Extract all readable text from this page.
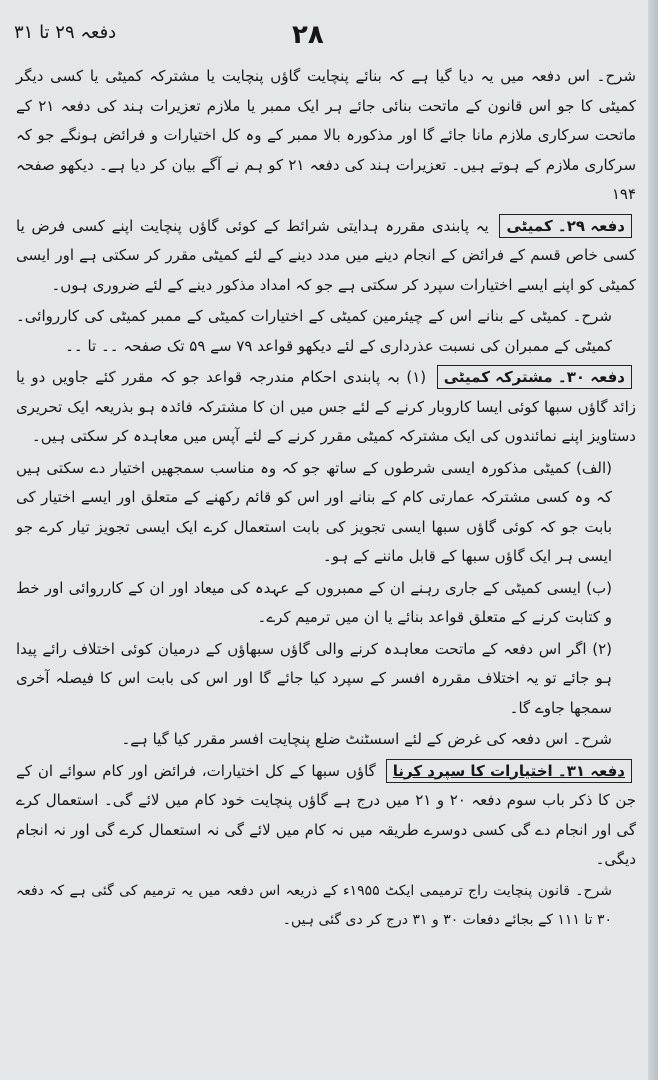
دفعہ ۲۹ تا ۳۱	۲۸

شرح۔ اس دفعہ میں یہ دیا گیا ہے کہ بنائے پنچایت گاؤں پنچایت یا مشترکہ کمیٹی یا کسی دیگر کمیٹی کا جو اس قانون کے ماتحت بنائی جائے ہر ایک ممبر یا ملازم تعزیرات ہند کی دفعہ ۲۱ کے ماتحت سرکاری ملازم مانا جائے گا اور مذکورہ بالا ممبر کے وہ کل اختیارات و فرائض ہونگے جو کہ سرکاری ملازم کے ہوتے ہیں۔ تعزیرات ہند کی دفعہ ۲۱ کو ہم نے آگے بیان کر دیا ہے۔ دیکھو صفحہ ۱۹۴

دفعہ ۲۹۔ کمیٹی یہ پابندی مقررہ ہدایتی شرائط کے کوئی گاؤں پنچایت اپنے کسی فرض یا کسی خاص قسم کے فرائض کے انجام دینے میں مدد دینے کے لئے کمیٹی مقرر کر سکتی ہے اور ایسی کمیٹی کو اپنے ایسے اختیارات سپرد کر سکتی ہے جو کہ امداد مذکور دینے کے لئے ضروری ہوں۔

شرح۔ کمیٹی کے بنانے اس کے چیئرمین کمیٹی کے اختیارات کمیٹی کے ممبر کمیٹی کی کارروائی۔ کمیٹی کے ممبران کی نسبت عذرداری کے لئے دیکھو قواعد ۷۹ سے ۵۹ تک صفحہ ۔۔ تا ۔۔

دفعہ ۳۰۔ مشترکہ کمیٹی (۱) بہ پابندی احکام مندرجہ قواعد جو کہ مقرر کئے جاویں دو یا زائد گاؤں سبھا کوئی ایسا کاروبار کرنے کے لئے جس میں ان کا مشترکہ فائدہ ہو بذریعہ ایک تحریری دستاویز اپنے نمائندوں کی ایک مشترکہ کمیٹی مقرر کرنے کے لئے آپس میں معاہدہ کر سکتی ہیں۔

(الف) کمیٹی مذکورہ ایسی شرطوں کے ساتھ جو کہ وہ مناسب سمجھیں اختیار دے سکتی ہیں کہ وہ کسی مشترکہ عمارتی کام کے بنانے اور اس کو قائم رکھنے کے متعلق اور ایسے اختیار کی بابت جو کہ کوئی گاؤں سبھا ایسی تجویز کی بابت استعمال کرے ایک ایسی تجویز تیار کرے جو ایسی ہر ایک گاؤں سبھا کے قابل ماننے کے ہو۔

(ب) ایسی کمیٹی کے جاری رہنے ان کے ممبروں کے عہدہ کی میعاد اور ان کے کارروائی اور خط و کتابت کرنے کے متعلق قواعد بنائے یا ان میں ترمیم کرے۔

(۲) اگر اس دفعہ کے ماتحت معاہدہ کرنے والی گاؤں سبھاؤں کے درمیان کوئی اختلاف رائے پیدا ہو جائے تو یہ اختلاف مقررہ افسر کے سپرد کیا جائے گا اور اس کی بابت اس کا فیصلہ آخری سمجھا جاوے گا۔

شرح۔ اس دفعہ کی غرض کے لئے اسسٹنٹ ضلع پنچایت افسر مقرر کیا گیا ہے۔

دفعہ ۳۱۔ اختیارات کا سپرد کرنا گاؤں سبھا کے کل اختیارات، فرائض اور کام سوائے ان کے جن کا ذکر باب سوم دفعہ ۲۰ و ۲۱ میں درج ہے گاؤں پنچایت خود کام میں لائے گی۔ استعمال کرے گی اور انجام دے گی کسی دوسرے طریقہ میں نہ کام میں لائے گی نہ استعمال کرے گی اور نہ انجام دیگی۔

شرح۔ قانون پنچایت راج ترمیمی ایکٹ ۱۹۵۵ء کے ذریعہ اس دفعہ میں یہ ترمیم کی گئی ہے کہ دفعہ ۳۰ تا ۱۱۱ کے بجائے دفعات ۳۰ و ۳۱ درج کر دی گئی ہیں۔
